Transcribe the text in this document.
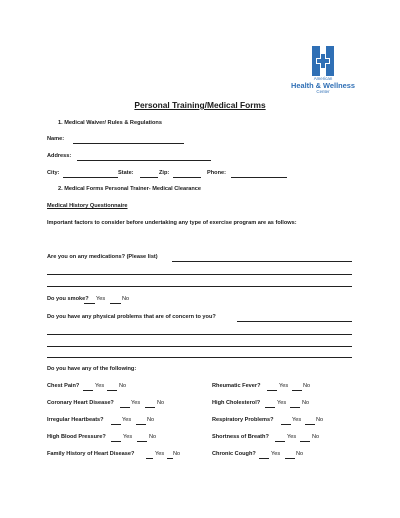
American
Health & Wellness
Center
Personal Training/Medical Forms
1. Medical Waiver/ Rules & Regulations
Name:
Address:
City:	State:	Zip:	Phone:
2. Medical Forms Personal Trainer- Medical Clearance
Medical History Questionnaire
Important factors to consider before undertaking any type of exercise program are as follows:
Are you on any medications? (Please list)
Do you smoke? Yes	No
Do you have any physical problems that are of concern to you?
Do you have any of the following:
Chest Pain?	Yes	No
Coronary Heart Disease?	Yes	No
Irregular Heartbeats?	Yes	No
High Blood Pressure?	Yes	No
Family History of Heart Disease?	Yes No
Rheumatic Fever?	Yes	No
High Cholesterol?	Yes	No
Respiratory Problems?	Yes	No
Shortness of Breath?	Yes	No
Chronic Cough?	Yes	No
